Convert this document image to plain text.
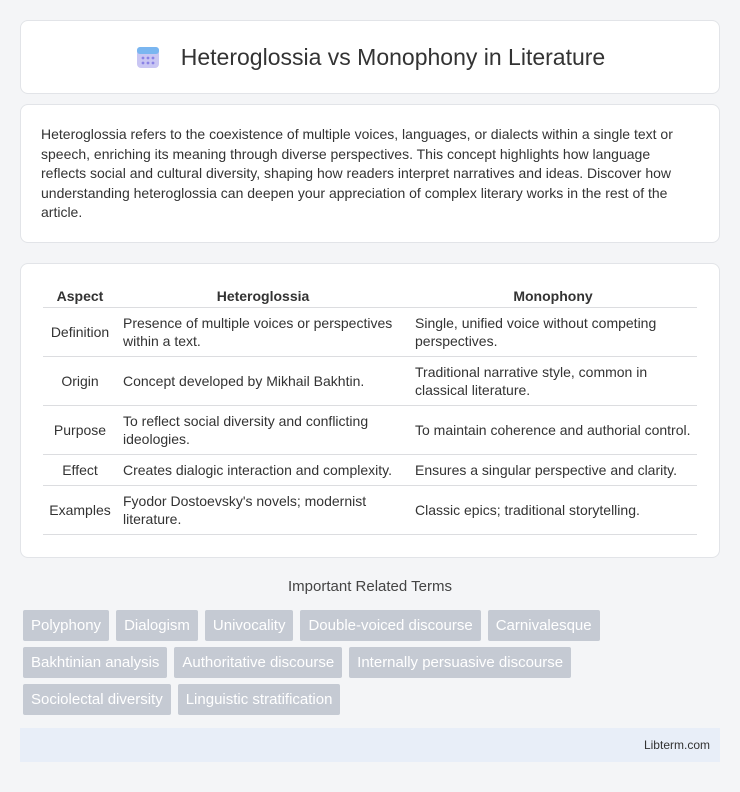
Heteroglossia vs Monophony in Literature

Heteroglossia refers to the coexistence of multiple voices, languages, or dialects within a single text or speech, enriching its meaning through diverse perspectives. This concept highlights how language reflects social and cultural diversity, shaping how readers interpret narratives and ideas. Discover how understanding heteroglossia can deepen your appreciation of complex literary works in the rest of the article.

Aspect	Heteroglossia	Monophony
Definition	Presence of multiple voices or perspectives within a text.	Single, unified voice without competing perspectives.
Origin	Concept developed by Mikhail Bakhtin.	Traditional narrative style, common in classical literature.
Purpose	To reflect social diversity and conflicting ideologies.	To maintain coherence and authorial control.
Effect	Creates dialogic interaction and complexity.	Ensures a singular perspective and clarity.
Examples	Fyodor Dostoevsky's novels; modernist literature.	Classic epics; traditional storytelling.
Important Related Terms
Polyphony	Dialogism	Univocality	Double-voiced discourse	Carnivalesque
Bakhtinian analysis	Authoritative discourse	Internally persuasive discourse
Sociolectal diversity	Linguistic stratification
Libterm.com
